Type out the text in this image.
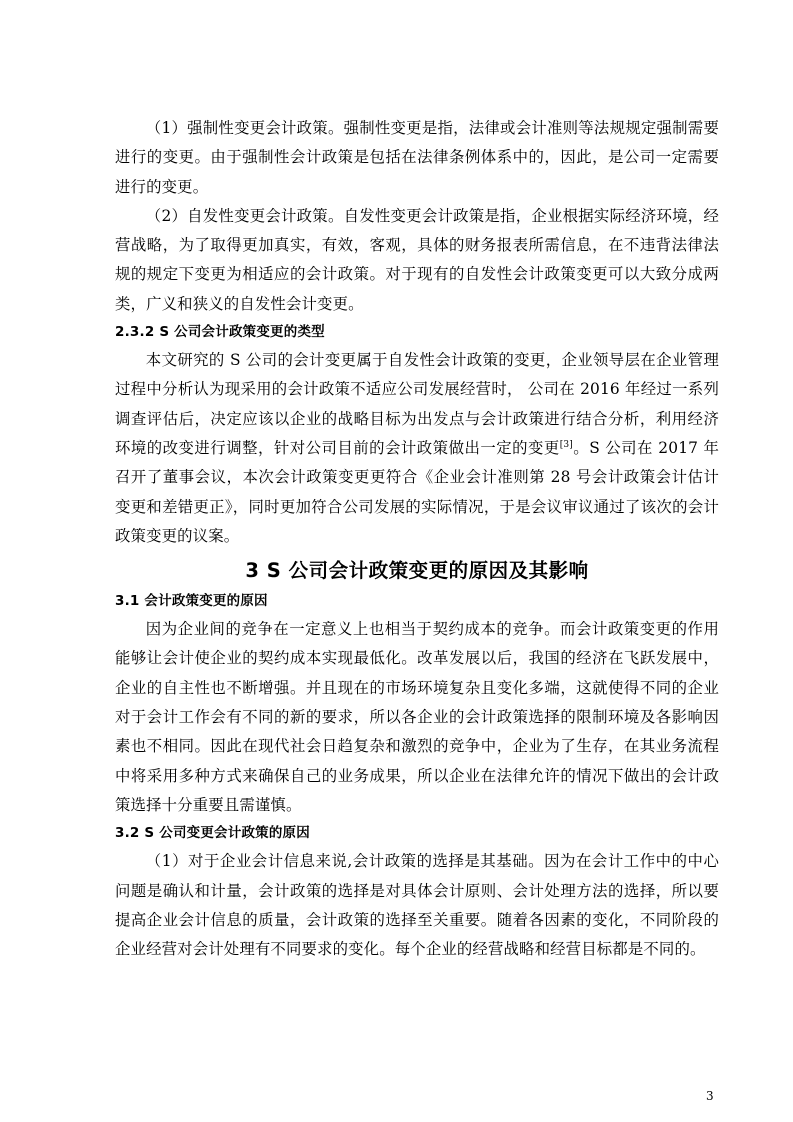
（1）强制性变更会计政策。强制性变更是指，法律或会计准则等法规规定强制需要进行的变更。由于强制性会计政策是包括在法律条例体系中的，因此，是公司一定需要进行的变更。

（2）自发性变更会计政策。自发性变更会计政策是指，企业根据实际经济环境，经营战略，为了取得更加真实，有效，客观，具体的财务报表所需信息，在不违背法律法规的规定下变更为相适应的会计政策。对于现有的自发性会计政策变更可以大致分成两类，广义和狭义的自发性会计变更。

2.3.2 S 公司会计政策变更的类型

本文研究的 S 公司的会计变更属于自发性会计政策的变更，企业领导层在企业管理过程中分析认为现采用的会计政策不适应公司发展经营时， 公司在 2016 年经过一系列调查评估后，决定应该以企业的战略目标为出发点与会计政策进行结合分析，利用经济环境的改变进行调整，针对公司目前的会计政策做出一定的变更[3]。S 公司在 2017 年召开了董事会议，本次会计政策变更更符合《企业会计准则第 28 号会计政策会计估计变更和差错更正》，同时更加符合公司发展的实际情况，于是会议审议通过了该次的会计政策变更的议案。

3 S 公司会计政策变更的原因及其影响
3.1 会计政策变更的原因

因为企业间的竞争在一定意义上也相当于契约成本的竞争。而会计政策变更的作用能够让会计使企业的契约成本实现最低化。改革发展以后，我国的经济在飞跃发展中，企业的自主性也不断增强。并且现在的市场环境复杂且变化多端，这就使得不同的企业对于会计工作会有不同的新的要求，所以各企业的会计政策选择的限制环境及各影响因素也不相同。因此在现代社会日趋复杂和激烈的竞争中，企业为了生存，在其业务流程中将采用多种方式来确保自己的业务成果，所以企业在法律允许的情况下做出的会计政策选择十分重要且需谨慎。

3.2 S 公司变更会计政策的原因

（1）对于企业会计信息来说,会计政策的选择是其基础。因为在会计工作中的中心问题是确认和计量，会计政策的选择是对具体会计原则、会计处理方法的选择，所以要提高企业会计信息的质量，会计政策的选择至关重要。随着各因素的变化，不同阶段的企业经营对会计处理有不同要求的变化。每个企业的经营战略和经营目标都是不同的。

3
